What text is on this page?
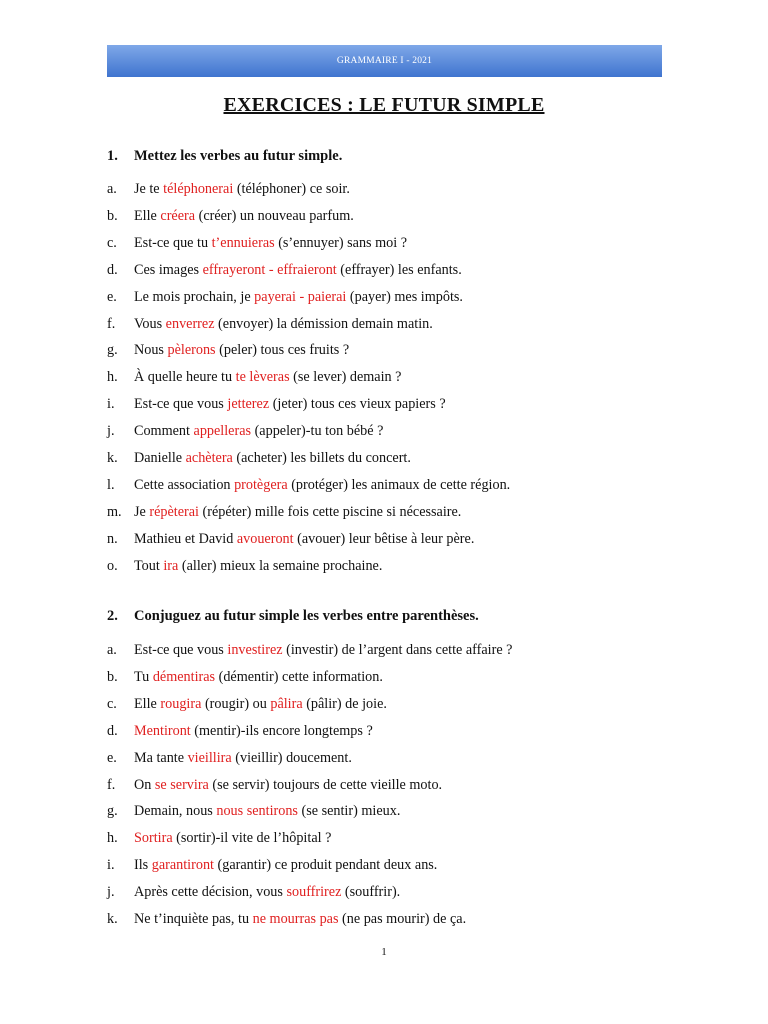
GRAMMAIRE I - 2021
EXERCICES : LE FUTUR SIMPLE
1. Mettez les verbes au futur simple.
a. Je te téléphonerai (téléphoner) ce soir.
b. Elle créera (créer) un nouveau parfum.
c. Est-ce que tu t’ennuieras (s’ennuyer) sans moi ?
d. Ces images effrayeront - effraieront (effrayer) les enfants.
e. Le mois prochain, je payerai - paierai (payer) mes impôts.
f. Vous enverrez (envoyer) la démission demain matin.
g. Nous pèlerons (peler) tous ces fruits ?
h. À quelle heure tu te lèveras (se lever) demain ?
i. Est-ce que vous jetterez (jeter) tous ces vieux papiers ?
j. Comment appelleras (appeler)-tu ton bébé ?
k. Danielle achètera (acheter) les billets du concert.
l. Cette association protègera (protéger) les animaux de cette région.
m. Je répèterai (répéter) mille fois cette piscine si nécessaire.
n. Mathieu et David avoueront (avouer) leur bêtise à leur père.
o. Tout ira (aller) mieux la semaine prochaine.
2. Conjuguez au futur simple les verbes entre parenthèses.
a. Est-ce que vous investirez (investir) de l’argent dans cette affaire ?
b. Tu démentiras (démentir) cette information.
c. Elle rougira (rougir) ou pâlira (pâlir) de joie.
d. Mentiront (mentir)-ils encore longtemps ?
e. Ma tante vieillira (vieillir) doucement.
f. On se servira (se servir) toujours de cette vieille moto.
g. Demain, nous nous sentirons (se sentir) mieux.
h. Sortira (sortir)-il vite de l’hôpital ?
i. Ils garantiront (garantir) ce produit pendant deux ans.
j. Après cette décision, vous souffrirez (souffrir).
k. Ne t’inquiète pas, tu ne mourras pas (ne pas mourir) de ça.
1
